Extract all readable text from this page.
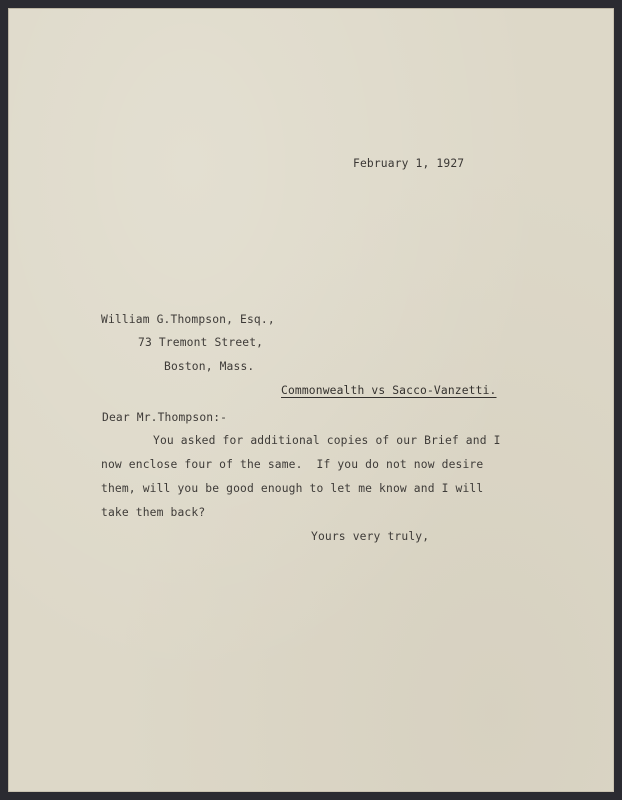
February 1, 1927
William G.Thompson, Esq.,
73 Tremont Street,
Boston, Mass.
Commonwealth vs Sacco-Vanzetti.
Dear Mr.Thompson:-
You asked for additional copies of our Brief and I
now enclose four of the same.  If you do not now desire
them, will you be good enough to let me know and I will
take them back?
Yours very truly,
